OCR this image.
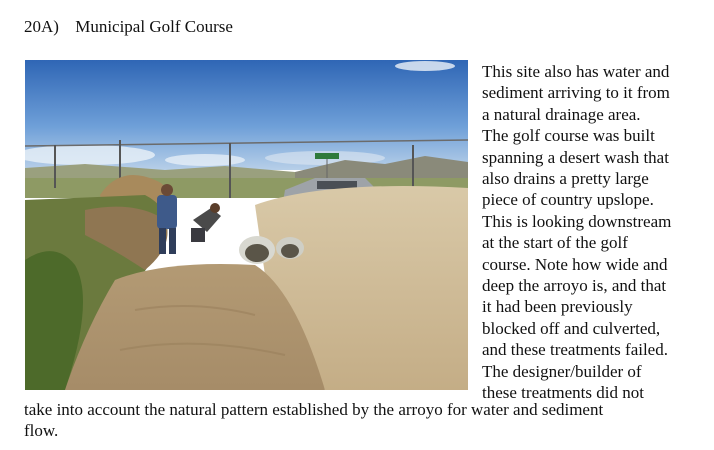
20A) Municipal Golf Course
This site also has water and
sediment arriving to it from
a natural drainage area.
The golf course was built
spanning a desert wash that
also drains a pretty large
piece of country upslope.
This is looking downstream
at the start of the golf
course. Note how wide and
deep the arroyo is, and that
it had been previously
blocked off and culverted,
and these treatments failed.
The designer/builder of
these treatments did not
take into account the natural pattern established by the arroyo for water and sediment
flow.
